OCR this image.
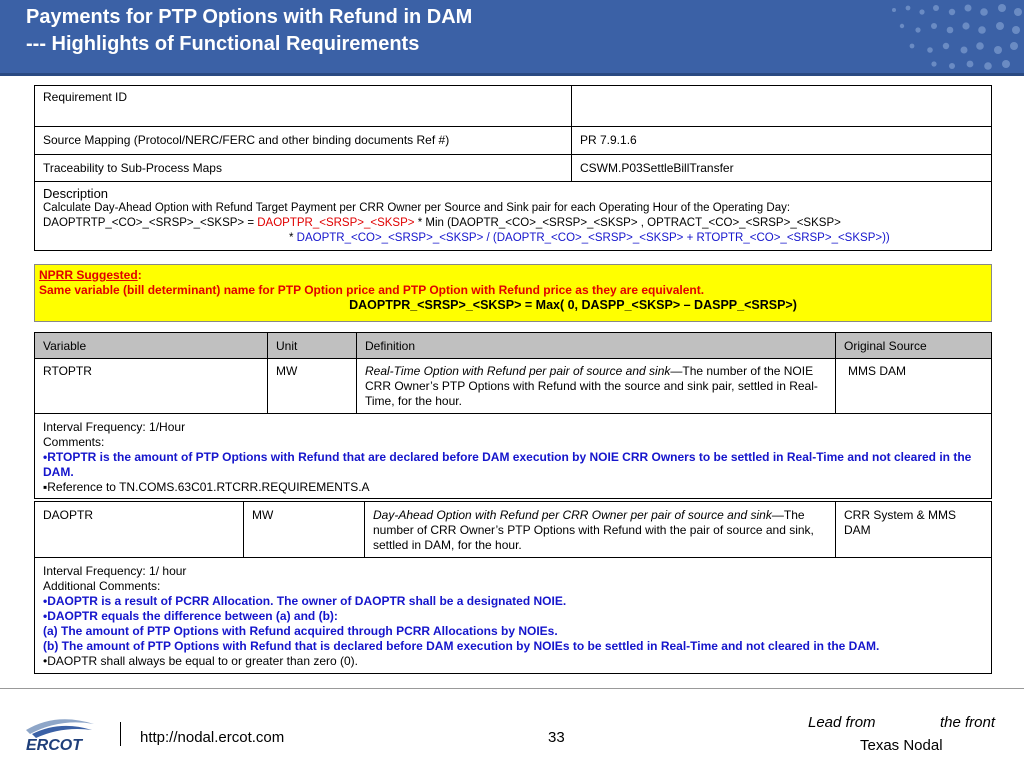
Payments for PTP Options with Refund in DAM
--- Highlights of Functional Requirements
Requirement ID	
Source Mapping (Protocol/NERC/FERC and other binding documents Ref #)	PR 7.9.1.6
Traceability to Sub-Process Maps	CSWM.P03SettleBillTransfer

Description
Calculate Day-Ahead Option with Refund Target Payment per CRR Owner per Source and Sink pair for each Operating Hour of the Operating Day:
DAOPTRTP_<CO>_<SRSP>_<SKSP> = DAOPTPR_<SRSP>_<SKSP> * Min (DAOPTR_<CO>_<SRSP>_<SKSP> , OPTRACT_<CO>_<SRSP>_<SKSP>
* DAOPTR_<CO>_<SRSP>_<SKSP> / (DAOPTR_<CO>_<SRSP>_<SKSP> + RTOPTR_<CO>_<SRSP>_<SKSP>))	
NPRR Suggested:
Same variable (bill determinant) name for PTP Option price and PTP Option with Refund price as they are equivalent.
DAOPTPR_<SRSP>_<SKSP> = Max( 0, DASPP_<SKSP> – DASPP_<SRSP>)
Variable	Unit	Definition	Original Source
RTOPTR	MW	Real-Time Option with Refund per pair of source and sink—The number of the NOIE CRR Owner’s PTP Options with Refund with the source and sink pair, settled in Real-Time, for the hour.	MMS DAM

Interval Frequency: 1/Hour
Comments:
•RTOPTR is the amount of PTP Options with Refund that are declared before DAM execution by NOIE CRR Owners to be settled in Real-Time and not cleared in the DAM.
▪Reference to TN.COMS.63C01.RTCRR.REQUIREMENTS.A			
DAOPTR	MW	Day-Ahead Option with Refund per CRR Owner per pair of source and sink—The number of CRR Owner’s PTP Options with Refund with the pair of source and sink, settled in DAM, for the hour.	CRR System & MMS DAM

Interval Frequency: 1/ hour
Additional Comments:
•DAOPTR is a result of PCRR Allocation. The owner of DAOPTR shall be a designated NOIE.
•DAOPTR equals the difference between (a) and (b):
(a) The amount of PTP Options with Refund acquired through PCRR Allocations by NOIEs.
(b) The amount of PTP Options with Refund that is declared before DAM execution by NOIEs to be settled in Real-Time and not cleared in the DAM.
•DAOPTR shall always be equal to or greater than zero (0).
ERCOT	http://nodal.ercot.com	33
Lead from	the front
Texas Nodal
